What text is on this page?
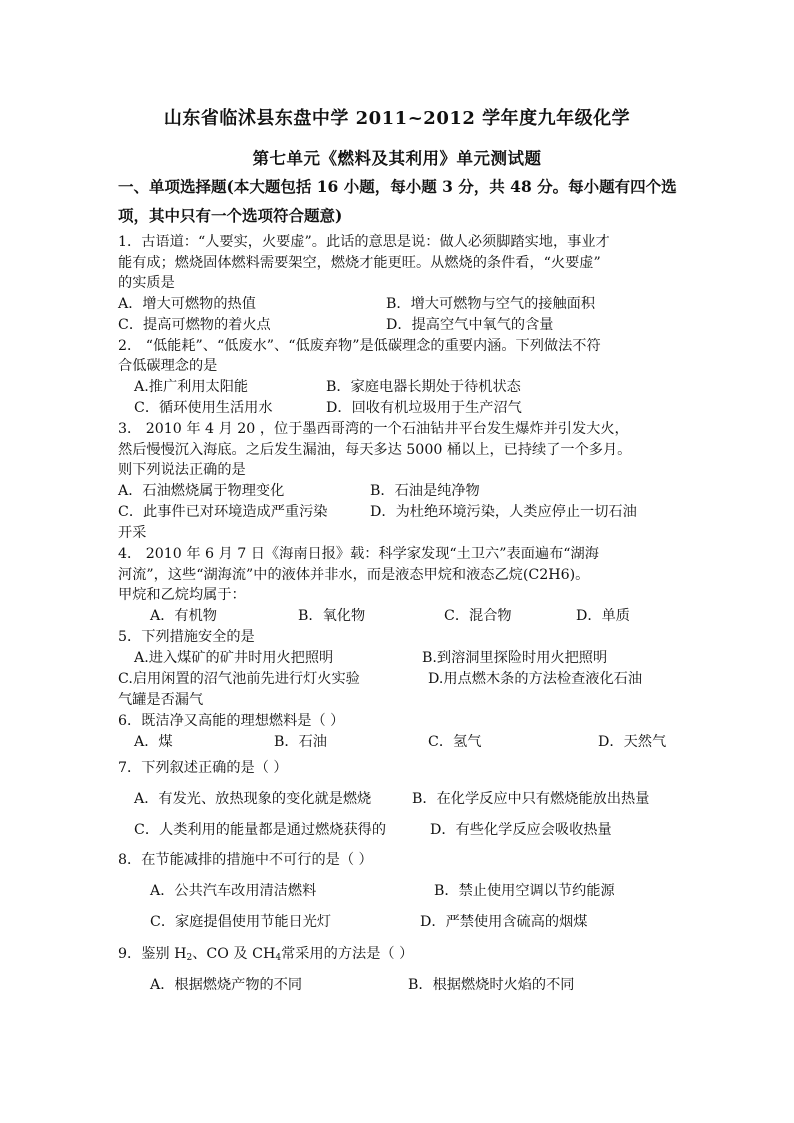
山东省临沭县东盘中学 2011~2012 学年度九年级化学
第七单元《燃料及其利用》单元测试题
一、单项选择题(本大题包括 16 小题，每小题 3 分，共 48 分。每小题有四个选
项，其中只有一个选项符合题意)
1．古语道：“人要实，火要虚”。此话的意思是说：做人必须脚踏实地，事业才
能有成；燃烧固体燃料需要架空，燃烧才能更旺。从燃烧的条件看，“火要虚”
的实质是
A．增大可燃物的热值	B．增大可燃物与空气的接触面积
C．提高可燃物的着火点	D．提高空气中氧气的含量
2． “低能耗”、“低废水”、“低废弃物”是低碳理念的重要内涵。下列做法不符
合低碳理念的是
A.推广利用太阳能	B．家庭电器长期处于待机状态
C．循环使用生活用水	D．回收有机垃圾用于生产沼气
3． 2010 年 4 月 20 ，位于墨西哥湾的一个石油钻井平台发生爆炸并引发大火，
然后慢慢沉入海底。之后发生漏油，每天多达 5000 桶以上，已持续了一个多月。
则下列说法正确的是
A．石油燃烧属于物理变化	B．石油是纯净物
C．此事件已对环境造成严重污染	D．为杜绝环境污染，人类应停止一切石油
开采
4． 2010 年 6 月 7 日《海南日报》载：科学家发现“土卫六”表面遍布“湖海
河流”，这些“湖海流”中的液体并非水，而是液态甲烷和液态乙烷(C2H6)。
甲烷和乙烷均属于：
A．有机物	B．氧化物	C．混合物	D．单质
5．下列措施安全的是
A.进入煤矿的矿井时用火把照明	B.到溶洞里探险时用火把照明
C.启用闲置的沼气池前先进行灯火实验	D.用点燃木条的方法检查液化石油
气罐是否漏气
6．既洁净又高能的理想燃料是（ ）
A．煤	B．石油	C．氢气	D．天然气
7．下列叙述正确的是（ ）
A．有发光、放热现象的变化就是燃烧	B．在化学反应中只有燃烧能放出热量
C．人类利用的能量都是通过燃烧获得的	D．有些化学反应会吸收热量
8．在节能减排的措施中不可行的是（ ）
A．公共汽车改用清洁燃料	B．禁止使用空调以节约能源
C．家庭提倡使用节能日光灯	D．严禁使用含硫高的烟煤
9．鉴别 $H_2$、CO 及 $CH_4$常采用的方法是（ ）
A．根据燃烧产物的不同	B．根据燃烧时火焰的不同
